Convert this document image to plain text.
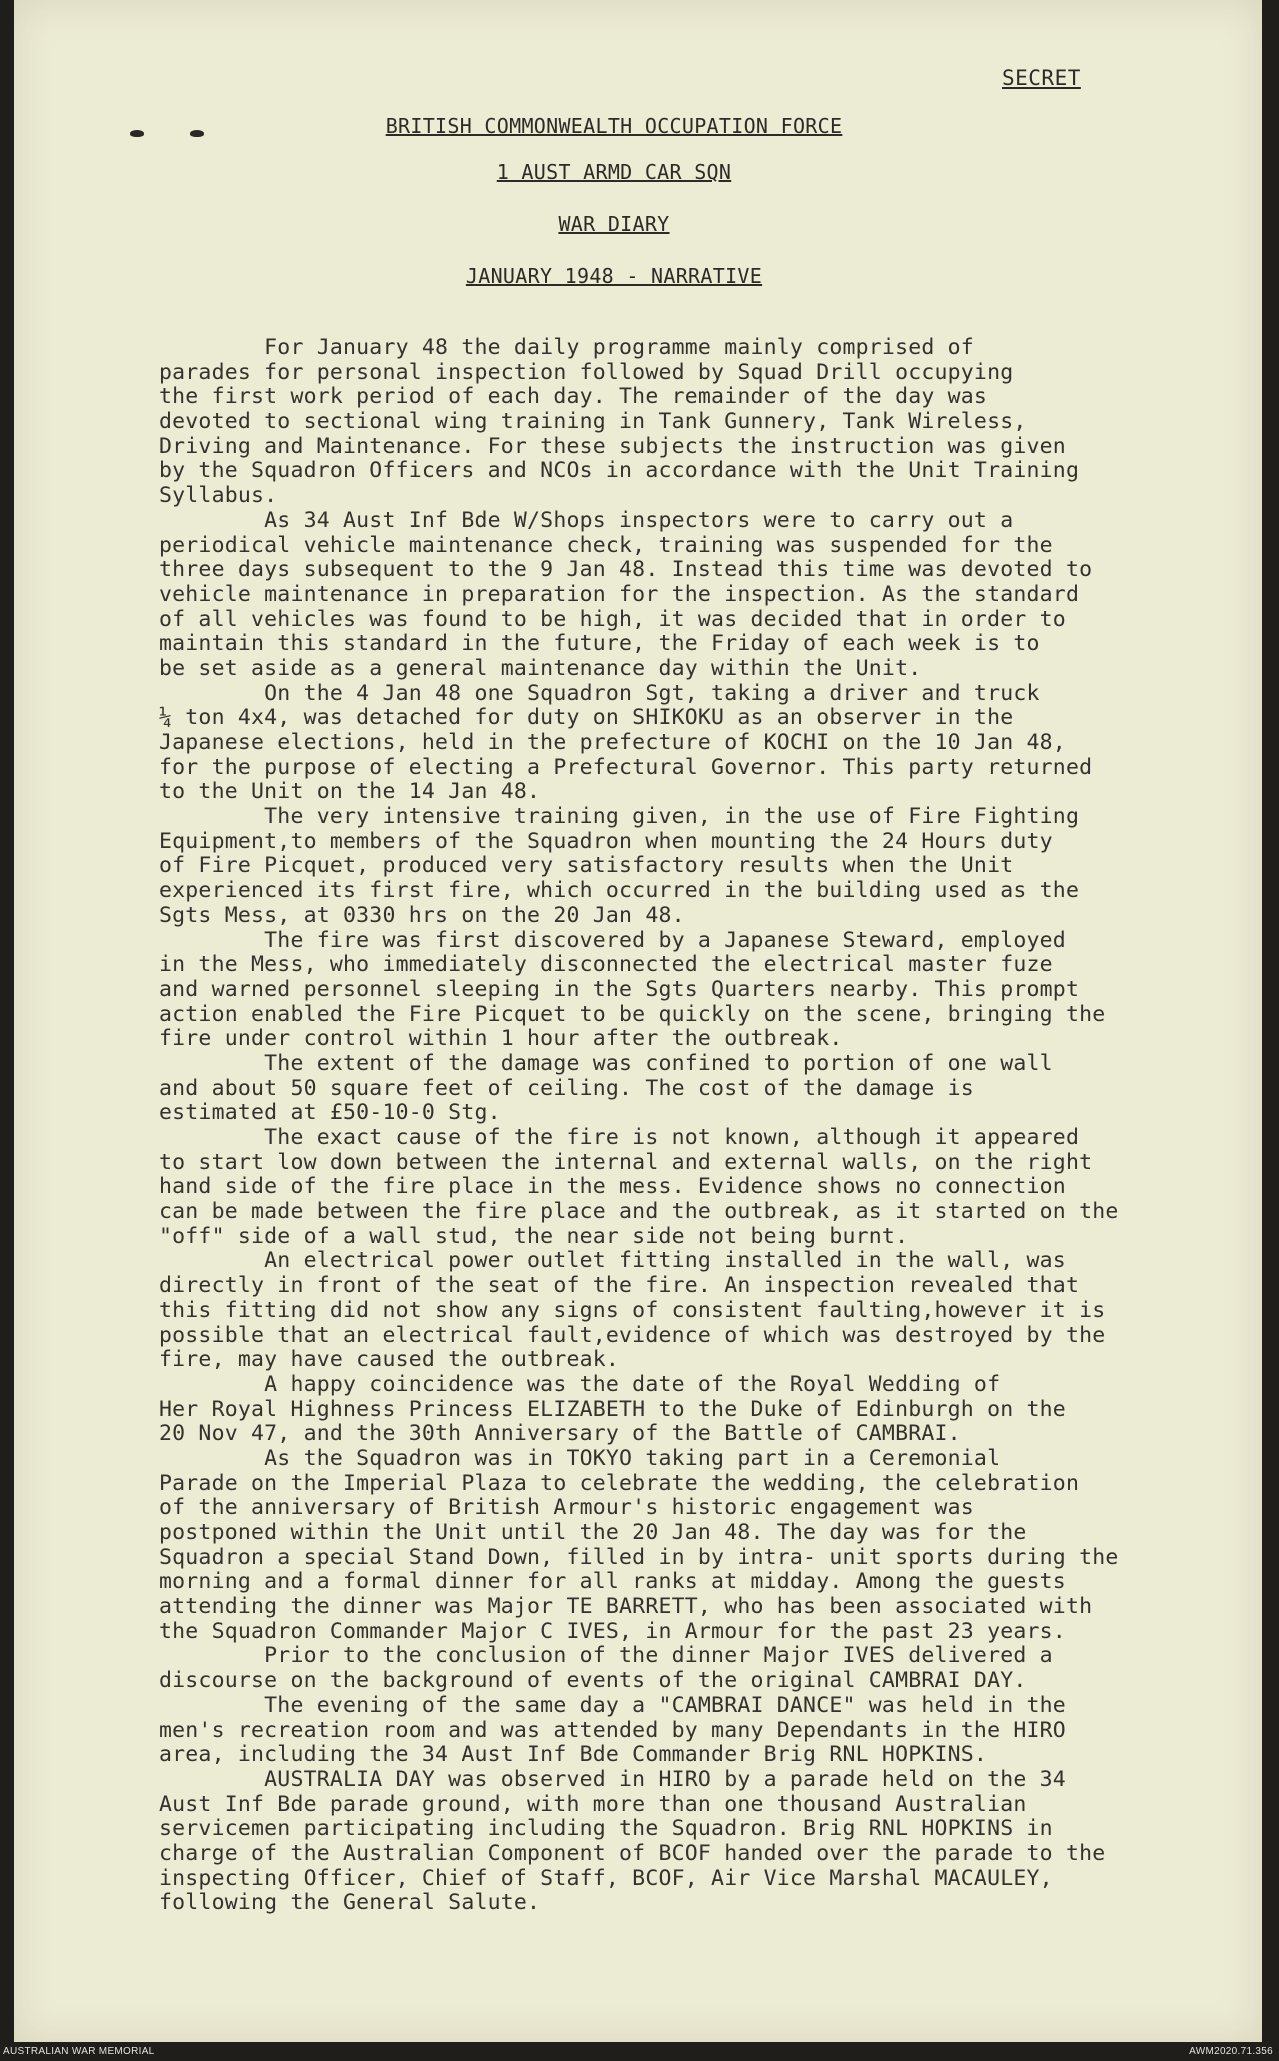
SECRET
BRITISH COMMONWEALTH OCCUPATION FORCE
1 AUST ARMD CAR SQN
WAR DIARY
JANUARY 1948 - NARRATIVE
For January 48 the daily programme mainly comprised of
parades for personal inspection followed by Squad Drill occupying
the first work period of each day. The remainder of the day was
devoted to sectional wing training in Tank Gunnery, Tank Wireless,
Driving and Maintenance. For these subjects the instruction was given
by the Squadron Officers and NCOs in accordance with the Unit Training
Syllabus.
As 34 Aust Inf Bde W/Shops inspectors were to carry out a
periodical vehicle maintenance check, training was suspended for the
three days subsequent to the 9 Jan 48. Instead this time was devoted to
vehicle maintenance in preparation for the inspection. As the standard
of all vehicles was found to be high, it was decided that in order to
maintain this standard in the future, the Friday of each week is to
be set aside as a general maintenance day within the Unit.
On the 4 Jan 48 one Squadron Sgt, taking a driver and truck
¼ ton 4x4, was detached for duty on SHIKOKU as an observer in the
Japanese elections, held in the prefecture of KOCHI on the 10 Jan 48,
for the purpose of electing a Prefectural Governor. This party returned
to the Unit on the 14 Jan 48.
The very intensive training given, in the use of Fire Fighting
Equipment,to members of the Squadron when mounting the 24 Hours duty
of Fire Picquet, produced very satisfactory results when the Unit
experienced its first fire, which occurred in the building used as the
Sgts Mess, at 0330 hrs on the 20 Jan 48.
The fire was first discovered by a Japanese Steward, employed
in the Mess, who immediately disconnected the electrical master fuze
and warned personnel sleeping in the Sgts Quarters nearby. This prompt
action enabled the Fire Picquet to be quickly on the scene, bringing the
fire under control within 1 hour after the outbreak.
The extent of the damage was confined to portion of one wall
and about 50 square feet of ceiling. The cost of the damage is
estimated at £50-10-0 Stg.
The exact cause of the fire is not known, although it appeared
to start low down between the internal and external walls, on the right
hand side of the fire place in the mess. Evidence shows no connection
can be made between the fire place and the outbreak, as it started on the
"off" side of a wall stud, the near side not being burnt.
An electrical power outlet fitting installed in the wall, was
directly in front of the seat of the fire. An inspection revealed that
this fitting did not show any signs of consistent faulting,however it is
possible that an electrical fault,evidence of which was destroyed by the
fire, may have caused the outbreak.
A happy coincidence was the date of the Royal Wedding of
Her Royal Highness Princess ELIZABETH to the Duke of Edinburgh on the
20 Nov 47, and the 30th Anniversary of the Battle of CAMBRAI.
As the Squadron was in TOKYO taking part in a Ceremonial
Parade on the Imperial Plaza to celebrate the wedding, the celebration
of the anniversary of British Armour's historic engagement was
postponed within the Unit until the 20 Jan 48. The day was for the
Squadron a special Stand Down, filled in by intra- unit sports during the
morning and a formal dinner for all ranks at midday. Among the guests
attending the dinner was Major TE BARRETT, who has been associated with
the Squadron Commander Major C IVES, in Armour for the past 23 years.
Prior to the conclusion of the dinner Major IVES delivered a
discourse on the background of events of the original CAMBRAI DAY.
The evening of the same day a "CAMBRAI DANCE" was held in the
men's recreation room and was attended by many Dependants in the HIRO
area, including the 34 Aust Inf Bde Commander Brig RNL HOPKINS.
AUSTRALIA DAY was observed in HIRO by a parade held on the 34
Aust Inf Bde parade ground, with more than one thousand Australian
servicemen participating including the Squadron. Brig RNL HOPKINS in
charge of the Australian Component of BCOF handed over the parade to the
inspecting Officer, Chief of Staff, BCOF, Air Vice Marshal MACAULEY,
following the General Salute.
AUSTRALIAN WAR MEMORIAL	AWM2020.71.356
